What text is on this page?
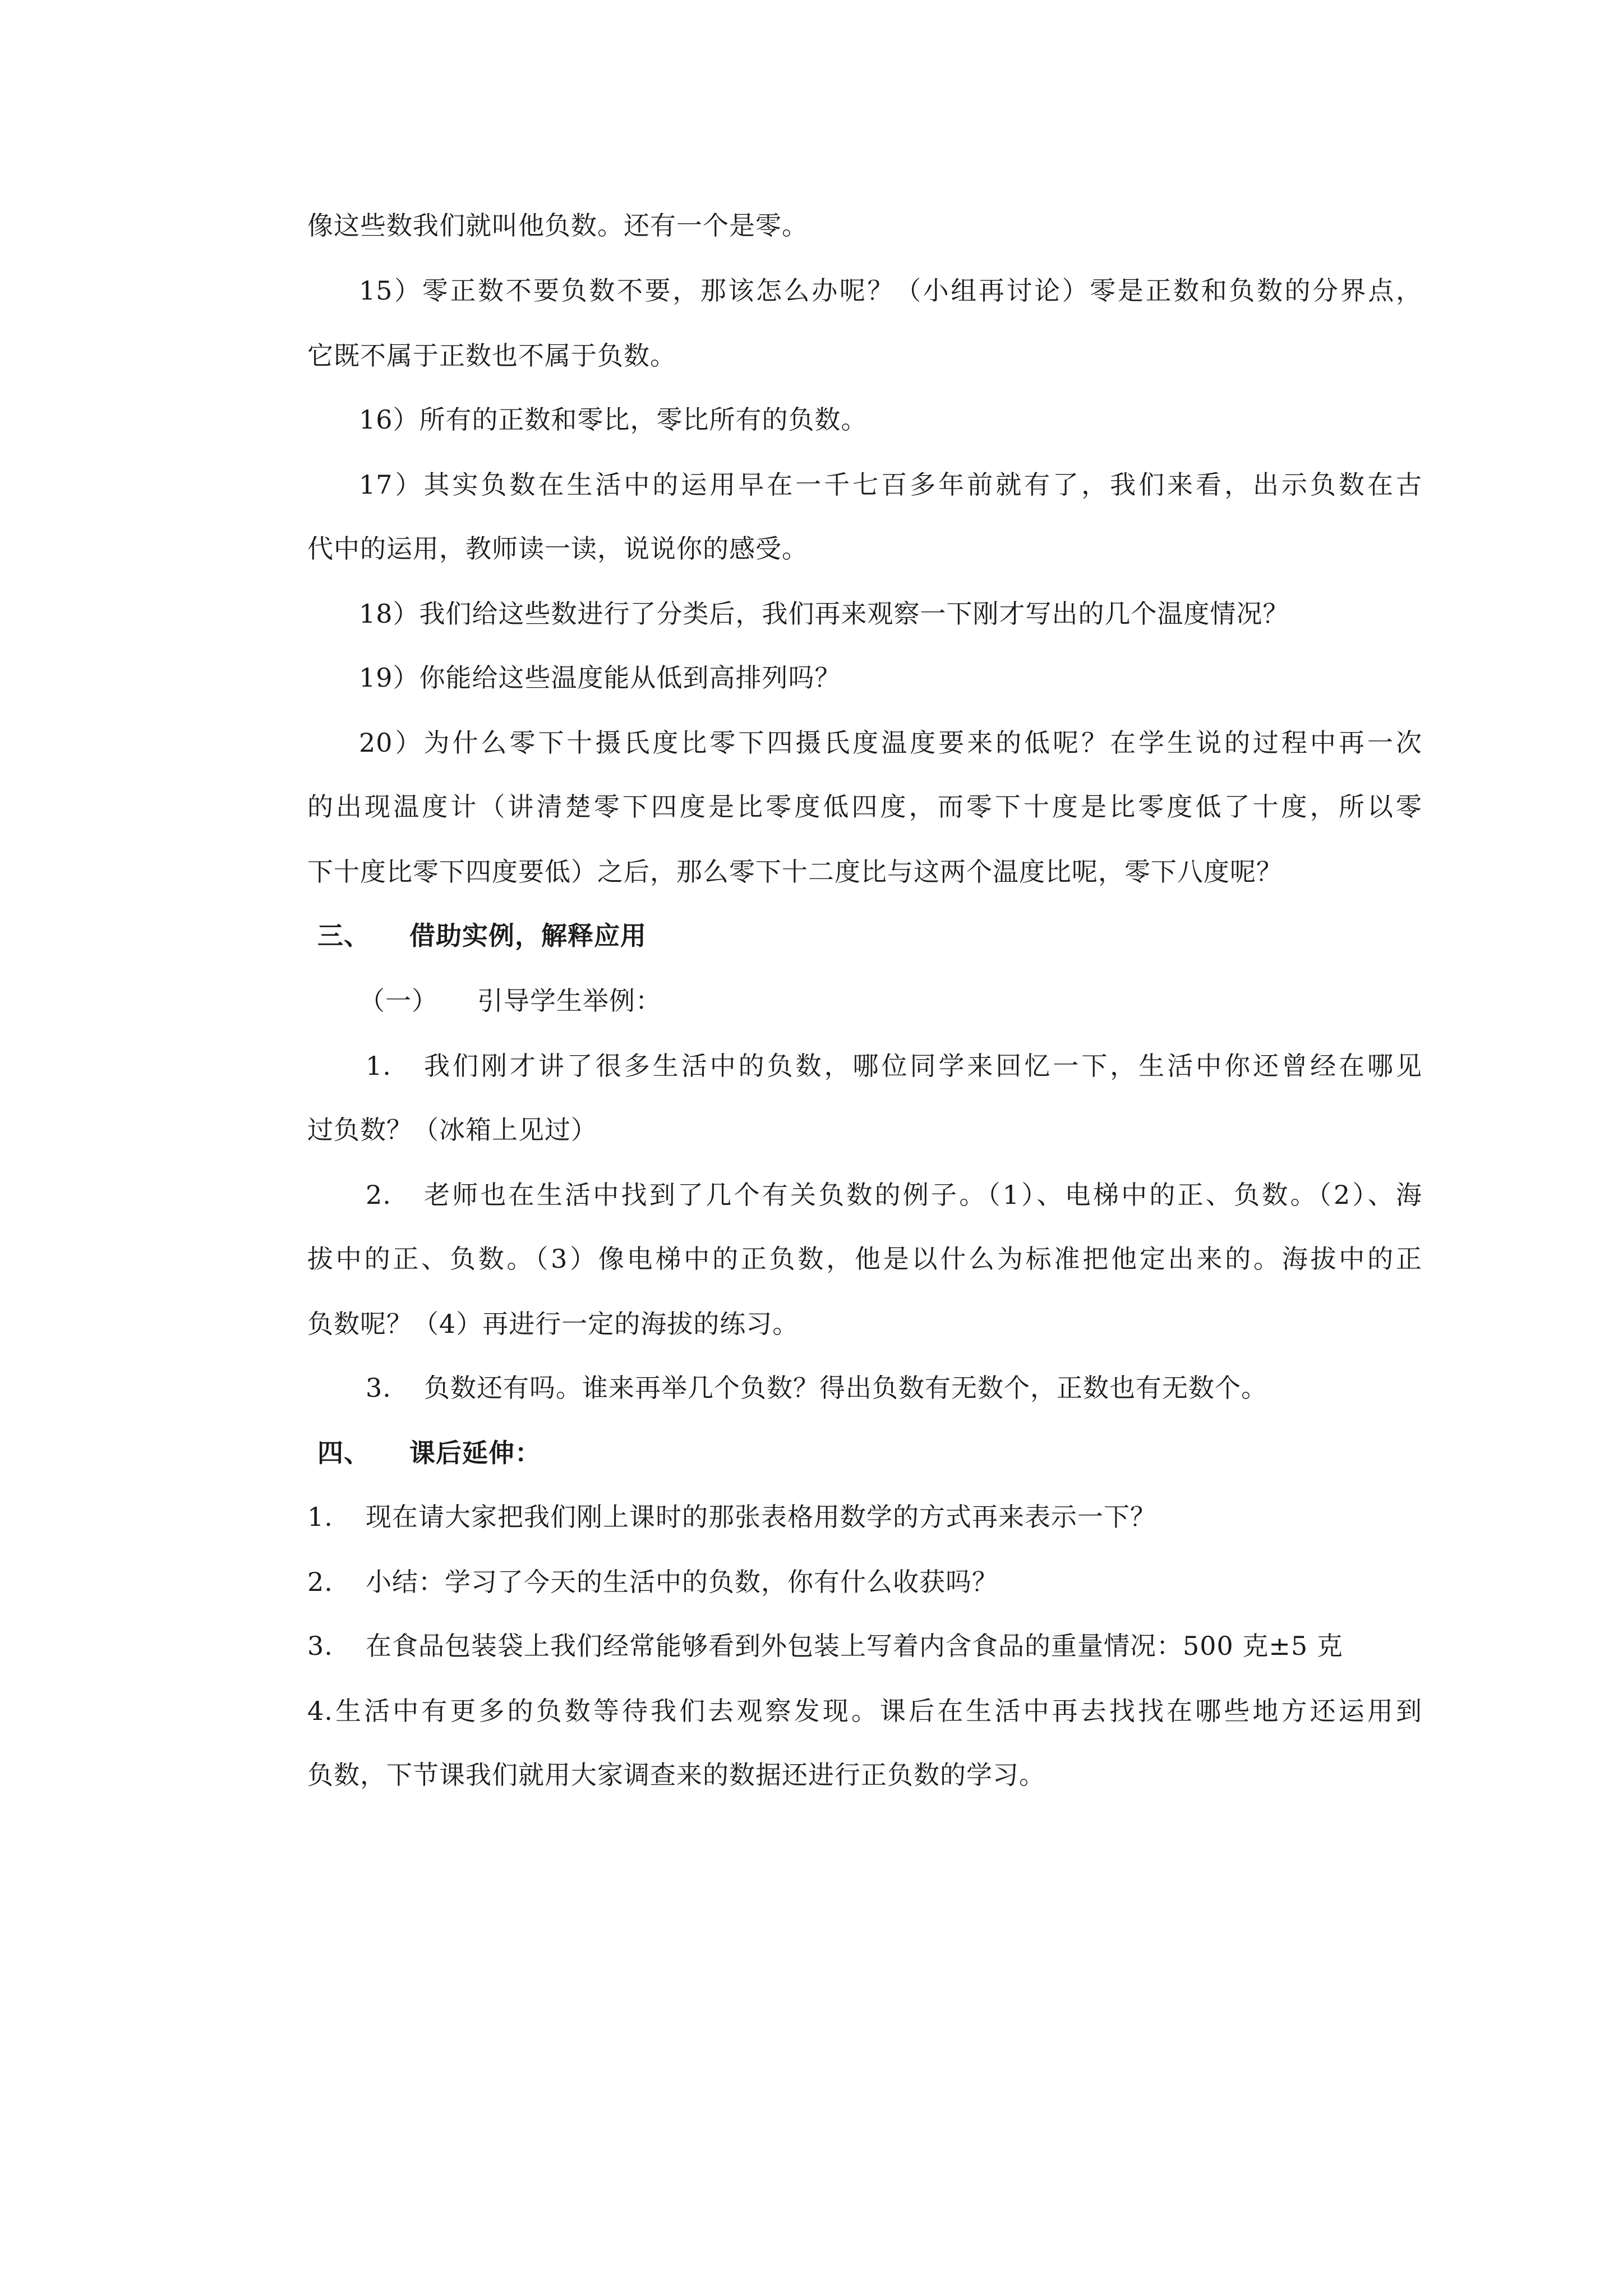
像这些数我们就叫他负数。还有一个是零。
15）零正数不要负数不要，那该怎么办呢？（小组再讨论）零是正数和负数的分界点，
它既不属于正数也不属于负数。
16）所有的正数和零比，零比所有的负数。
17）其实负数在生活中的运用早在一千七百多年前就有了，我们来看，出示负数在古
代中的运用，教师读一读，说说你的感受。
18）我们给这些数进行了分类后，我们再来观察一下刚才写出的几个温度情况？
19）你能给这些温度能从低到高排列吗？
20）为什么零下十摄氏度比零下四摄氏度温度要来的低呢？在学生说的过程中再一次
的出现温度计（讲清楚零下四度是比零度低四度，而零下十度是比零度低了十度，所以零
下十度比零下四度要低）之后，那么零下十二度比与这两个温度比呢，零下八度呢？
三、 借助实例，解释应用
（一） 引导学生举例：
1. 我们刚才讲了很多生活中的负数，哪位同学来回忆一下，生活中你还曾经在哪见
过负数？（冰箱上见过）
2. 老师也在生活中找到了几个有关负数的例子。（1）、电梯中的正、负数。（2）、海
拔中的正、负数。（3）像电梯中的正负数，他是以什么为标准把他定出来的。海拔中的正
负数呢？（4）再进行一定的海拔的练习。
3. 负数还有吗。谁来再举几个负数？得出负数有无数个，正数也有无数个。
四、 课后延伸：
1. 现在请大家把我们刚上课时的那张表格用数学的方式再来表示一下？
2. 小结：学习了今天的生活中的负数，你有什么收获吗？
3. 在食品包装袋上我们经常能够看到外包装上写着内含食品的重量情况：500 克±5 克
4.生活中有更多的负数等待我们去观察发现。课后在生活中再去找找在哪些地方还运用到
负数，下节课我们就用大家调查来的数据还进行正负数的学习。
